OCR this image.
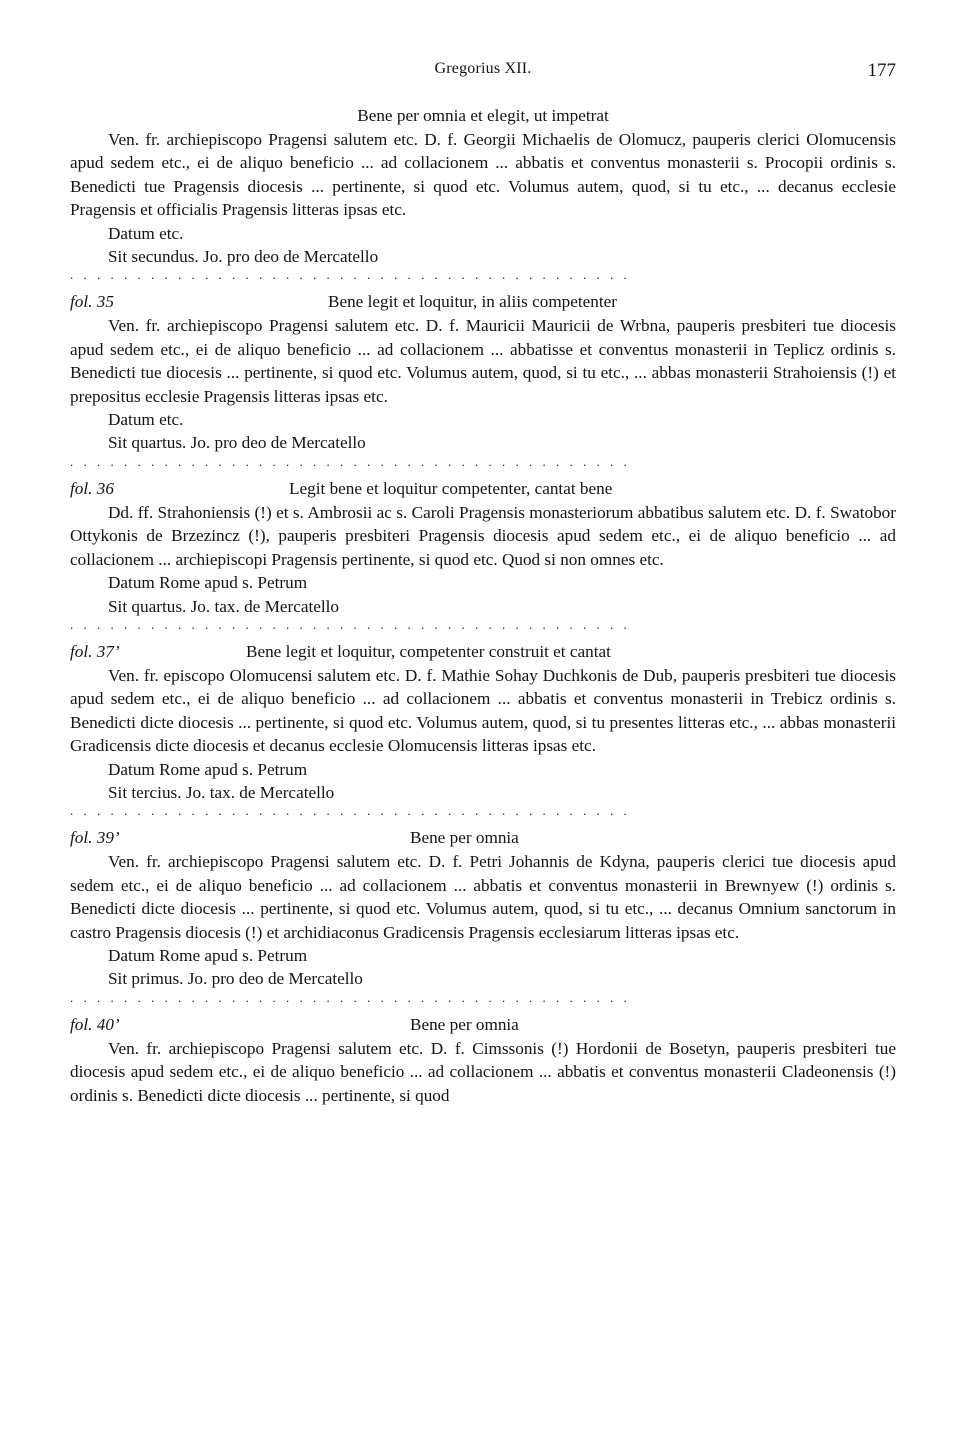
Gregorius XII.	177
Bene per omnia et elegit, ut impetrat

Ven. fr. archiepiscopo Pragensi salutem etc. D. f. Georgii Michaelis de Olomucz, pauperis clerici Olomucensis apud sedem etc., ei de aliquo beneficio ... ad collacionem ... abbatis et conventus monasterii s. Procopii ordinis s. Benedicti tue Pragensis diocesis ... pertinente, si quod etc. Volumus autem, quod, si tu etc., ... decanus ecclesie Pragensis et officialis Pragensis litteras ipsas etc.

Datum etc.
Sit secundus. Jo. pro deo de Mercatello
. . . . . . . . . . . . . . . . . . . . . . . . . . . . . . . . . . . . . . . . . .
fol. 35	Bene legit et loquitur, in aliis competenter

Ven. fr. archiepiscopo Pragensi salutem etc. D. f. Mauricii Mauricii de Wrbna, pauperis presbiteri tue diocesis apud sedem etc., ei de aliquo beneficio ... ad collacionem ... abbatisse et conventus monasterii in Teplicz ordinis s. Benedicti tue diocesis ... pertinente, si quod etc. Volumus autem, quod, si tu etc., ... abbas monasterii Strahoiensis (!) et prepositus ecclesie Pragensis litteras ipsas etc.

Datum etc.
Sit quartus. Jo. pro deo de Mercatello
. . . . . . . . . . . . . . . . . . . . . . . . . . . . . . . . . . . . . . . . . .
fol. 36	Legit bene et loquitur competenter, cantat bene

Dd. ff. Strahoniensis (!) et s. Ambrosii ac s. Caroli Pragensis monasteriorum abbatibus salutem etc. D. f. Swatobor Ottykonis de Brzezincz (!), pauperis presbiteri Pragensis diocesis apud sedem etc., ei de aliquo beneficio ... ad collacionem ... archiepiscopi Pragensis pertinente, si quod etc. Quod si non omnes etc.

Datum Rome apud s. Petrum
Sit quartus. Jo. tax. de Mercatello
. . . . . . . . . . . . . . . . . . . . . . . . . . . . . . . . . . . . . . . . . .
fol. 37’	Bene legit et loquitur, competenter construit et cantat

Ven. fr. episcopo Olomucensi salutem etc. D. f. Mathie Sohay Duchkonis de Dub, pauperis presbiteri tue diocesis apud sedem etc., ei de aliquo beneficio ... ad collacionem ... abbatis et conventus monasterii in Trebicz ordinis s. Benedicti dicte diocesis ... pertinente, si quod etc. Volumus autem, quod, si tu presentes litteras etc., ... abbas monasterii Gradicensis dicte diocesis et decanus ecclesie Olomucensis litteras ipsas etc.

Datum Rome apud s. Petrum
Sit tercius. Jo. tax. de Mercatello
. . . . . . . . . . . . . . . . . . . . . . . . . . . . . . . . . . . . . . . . . .
fol. 39’	Bene per omnia

Ven. fr. archiepiscopo Pragensi salutem etc. D. f. Petri Johannis de Kdyna, pauperis clerici tue diocesis apud sedem etc., ei de aliquo beneficio ... ad collacionem ... abbatis et conventus monasterii in Brewnyew (!) ordinis s. Benedicti dicte diocesis ... pertinente, si quod etc. Volumus autem, quod, si tu etc., ... decanus Omnium sanctorum in castro Pragensis diocesis (!) et archidiaconus Gradicensis Pragensis ecclesiarum litteras ipsas etc.

Datum Rome apud s. Petrum
Sit primus. Jo. pro deo de Mercatello
. . . . . . . . . . . . . . . . . . . . . . . . . . . . . . . . . . . . . . . . . .
fol. 40’	Bene per omnia

Ven. fr. archiepiscopo Pragensi salutem etc. D. f. Cimssonis (!) Hordonii de Bosetyn, pauperis presbiteri tue diocesis apud sedem etc., ei de aliquo beneficio ... ad collacionem ... abbatis et conventus monasterii Cladeonensis (!) ordinis s. Benedicti dicte diocesis ... pertinente, si quod
